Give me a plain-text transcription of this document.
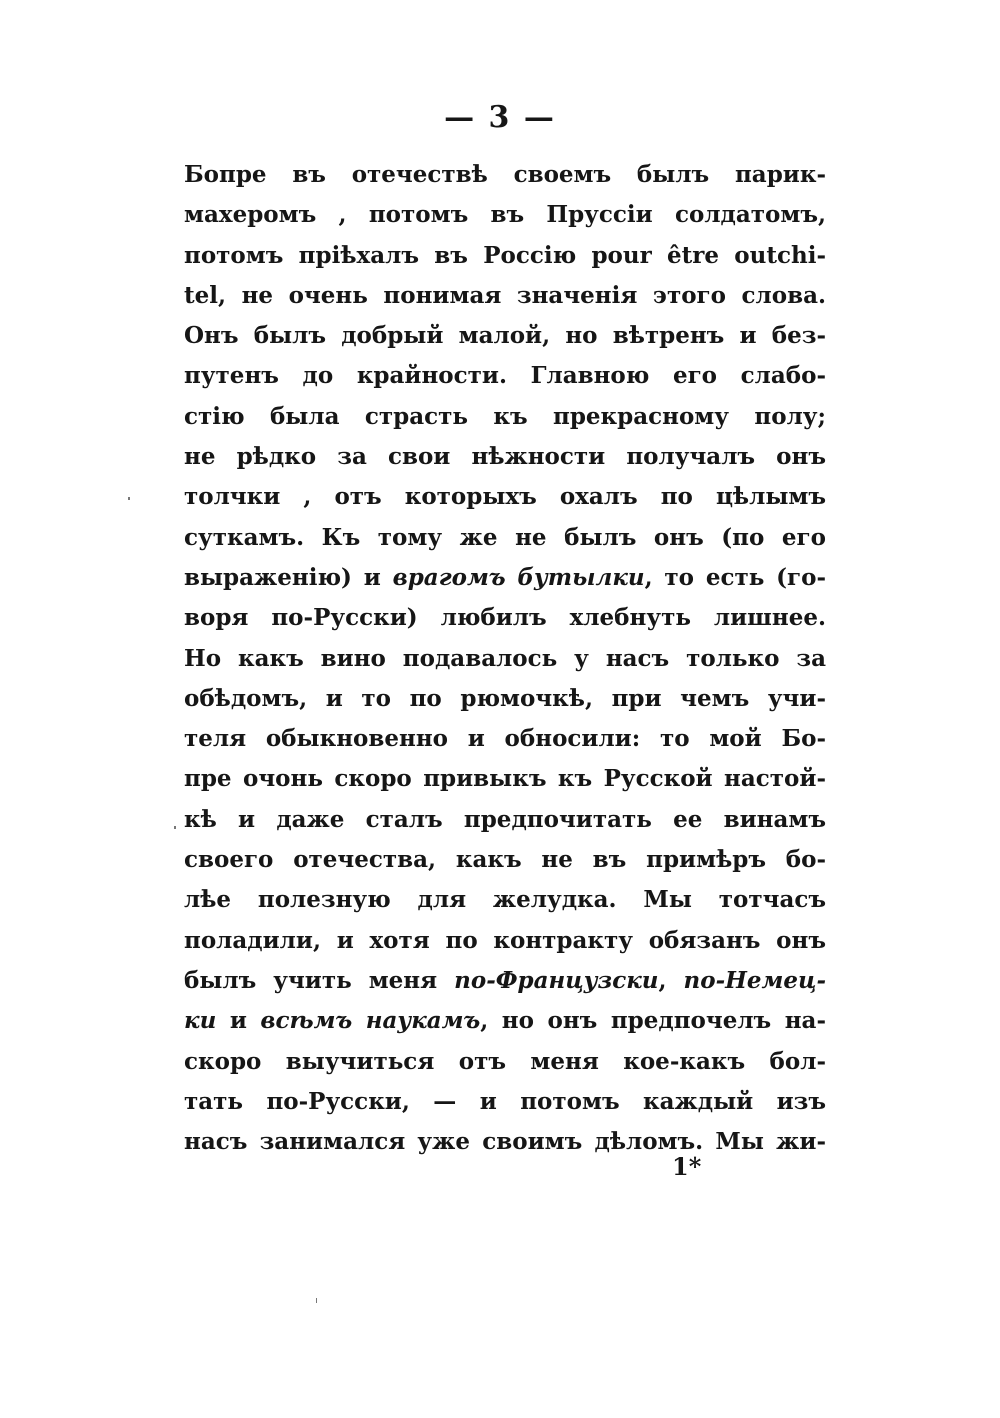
— 3 —
Бопре въ отечествѣ своемъ былъ парик-
махеромъ , потомъ въ Пруссіи солдатомъ,
потомъ пріѣхалъ въ Россію pour être outchi-
tel, не очень понимая значенія этого слова.
Онъ былъ добрый малой, но вѣтренъ и без-
путенъ до крайности. Главною его слабо-
стію была страсть къ прекрасному полу;
не рѣдко за свои нѣжности получалъ онъ
толчки , отъ которыхъ охалъ по цѣлымъ
суткамъ. Къ тому же не былъ онъ (по его
выраженію) и врагомъ бутылки, то есть (го-
воря по-Русски) любилъ хлебнуть лишнее.
Но какъ вино подавалось у насъ только за
обѣдомъ, и то по рюмочкѣ, при чемъ учи-
теля обыкновенно и обносили: то мой Бо-
пре очонь скоро привыкъ къ Русской настой-
кѣ и даже сталъ предпочитать ее винамъ
своего отечества, какъ не въ примѣръ бо-
лѣе полезную для желудка. Мы тотчасъ
поладили, и хотя по контракту обязанъ онъ
былъ учить меня по-Французски, по-Немец-
ки и всѣмъ наукамъ, но онъ предпочелъ на-
скоро выучиться отъ меня кое-какъ бол-
тать по-Русски, — и потомъ каждый изъ
насъ занимался уже своимъ дѣломъ. Мы жи-
1*
